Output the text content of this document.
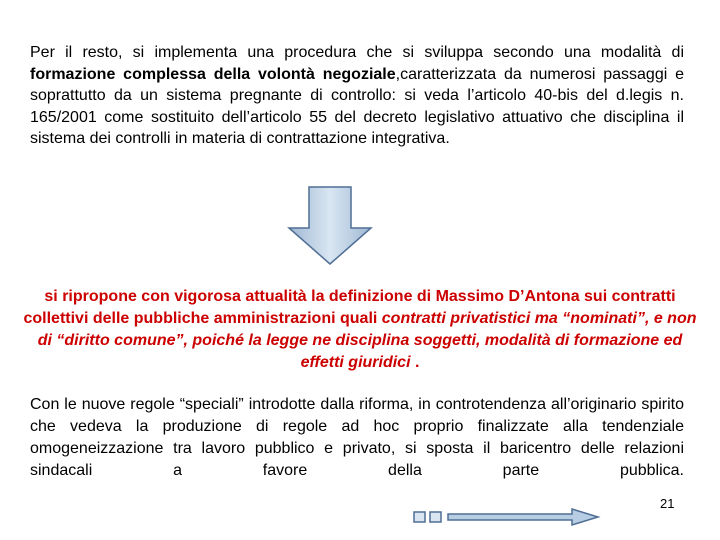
Per il resto, si implementa una procedura che si sviluppa secondo una modalità di formazione complessa della volontà negoziale,caratterizzata da numerosi passaggi e soprattutto da un sistema pregnante di controllo: si veda l’articolo 40-bis del d.legis n. 165/2001 come sostituito dell’articolo 55 del decreto legislativo attuativo che disciplina il sistema dei controlli in materia di contrattazione integrativa.
si ripropone con vigorosa attualità la definizione di Massimo D’Antona sui contratti collettivi delle pubbliche amministrazioni quali contratti privatistici ma “nominati”, e non di “diritto comune”, poiché la legge ne disciplina soggetti, modalità di formazione ed effetti giuridici .
Con le nuove regole “speciali” introdotte dalla riforma, in controtendenza all’originario spirito che vedeva la produzione di regole ad hoc proprio finalizzate alla tendenziale omogeneizzazione tra lavoro pubblico e privato, si sposta il baricentro delle relazioni sindacali a favore della parte pubblica.
21
